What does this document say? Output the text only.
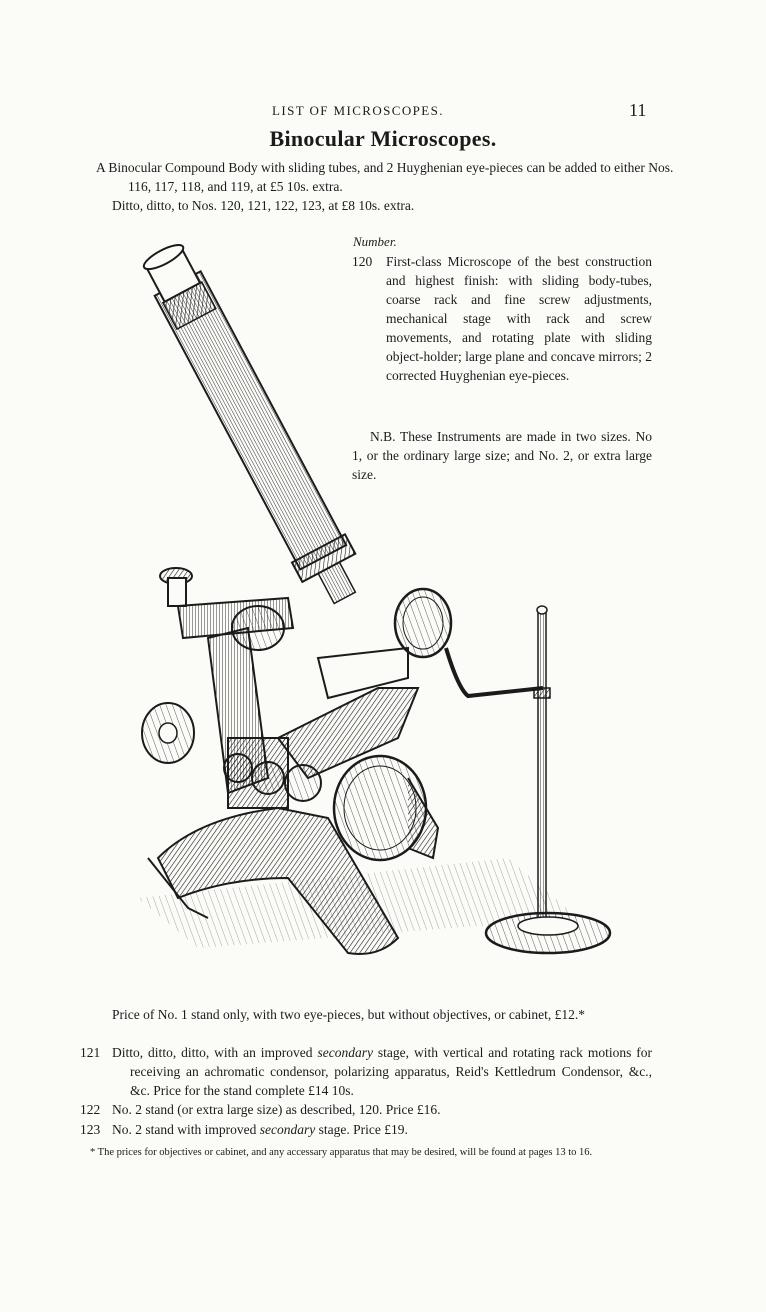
LIST OF MICROSCOPES.	11
Binocular Microscopes.

A Binocular Compound Body with sliding tubes, and 2 Huyghenian eye-pieces can be added to either Nos. 116, 117, 118, and 119, at £5 10s. extra.

Ditto, ditto, to Nos. 120, 121, 122, 123, at £8 10s. extra.

Number.
120 First-class Microscope of the best construction and highest finish: with sliding body-tubes, coarse rack and fine screw adjustments, mechanical stage with rack and screw movements, and rotating plate with sliding object-holder; large plane and concave mirrors; 2 corrected Huyghenian eye-pieces.

N.B. These Instruments are made in two sizes. No 1, or the ordinary large size; and No. 2, or extra large size.

Price of No. 1 stand only, with two eye-pieces, but without objectives, or cabinet, £12.*

121 Ditto, ditto, ditto, with an improved secondary stage, with vertical and rotating rack motions for receiving an achromatic condensor, polarizing apparatus, Reid's Kettledrum Condensor, &c., &c. Price for the stand complete £14 10s.
122 No. 2 stand (or extra large size) as described, 120. Price £16.
123 No. 2 stand with improved secondary stage. Price £19.

* The prices for objectives or cabinet, and any accessary apparatus that may be desired, will be found at pages 13 to 16.
